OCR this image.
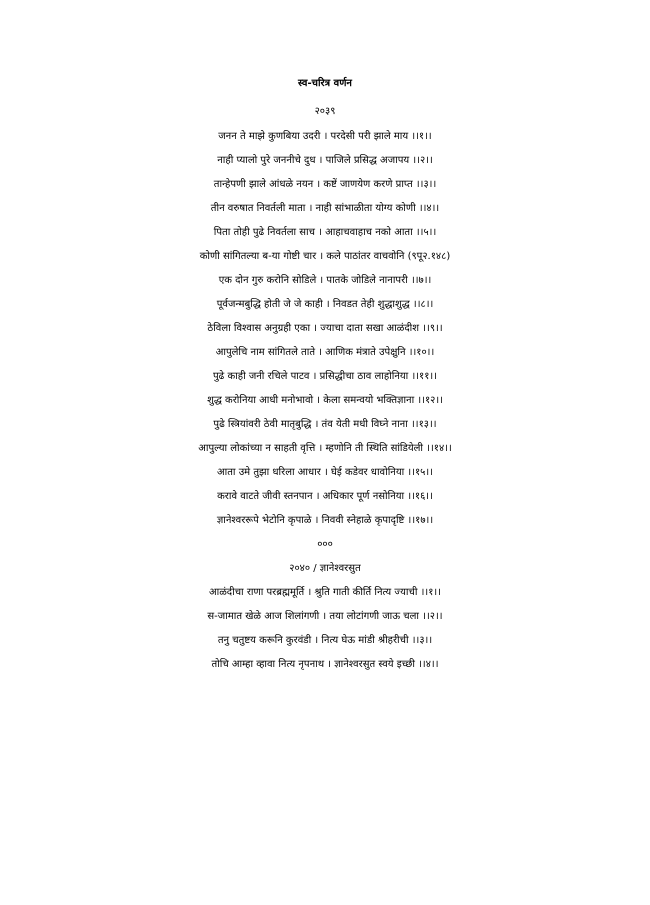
स्व-चरित्र वर्णन
२०३९
जनन ते माझे कुणबिया उदरी । परदेसी परी झाले माय ।।१।।
नाही प्यालो पुरे जननीचे दुध । पाजिले प्रसिद्ध अजापय ।।२।।
तान्हेपणी झाले आंधळे नयन । कष्टें जाणयेण करणे प्राप्त ।।३।।
तीन वरुषात निवर्तली माता । नाही सांभाळीता योग्य कोणी ।।४।।
पिता तोही पुढे निवर्तला साच । आहाचवाहाच नको आता ।।५।।
कोणी सांगितल्या ब-या गोष्टी चार । कले पाठांतर वाचवोनि (९पू२.१४८)
एक दोन गुरु करोनि सोडिले । पातके जोडिले नानापरी ।।७।।
पूर्वजन्मबुद्धि होती जे जे काही । निवडत तेही शुद्धाशुद्ध ।।८।।
ठेविला विश्वास अनुग्रही एका । ज्याचा दाता सखा आळंदीश ।।९।।
आपुलेचि नाम सांगितले ताते । आणिक मंत्राते उपेक्षुनि ।।१०।।
पुढे काही जनी रचिले पाटव । प्रसिद्धीचा ठाव लाहोनिया ।।११।।
शुद्ध करोनिया आधी मनोभावो । केला समन्वयो भक्तिज्ञाना ।।१२।।
पुढे स्त्रियांवरी ठेवी मातृबुद्धि । तंव येती मधी विघ्ने नाना ।।१३।।
आपुल्या लोकांच्या न साहती वृत्ति । म्हणोनि ती स्थिति सांडियेली ।।१४।।
आता उमे तुझा धरिला आधार । घेई कडेवर धावोनिया ।।१५।।
करावे वाटते जीवी स्तनपान । अधिकार पूर्ण नसोनिया ।।१६।।
ज्ञानेश्वररूपे भेटोनि कृपाळे । निववी स्नेहाळे कृपादृष्टि ।।१७।।
०००
२०४० / ज्ञानेश्वरसुत
आळंदीचा राणा परब्रह्ममूर्ति । श्रुति गाती कीर्ति नित्य ज्याची ।।१।।
स-जामात खेळे आज शिलांगणी । तया लोटांगणी जाऊ चला ।।२।।
तनु चतुष्टय करूनि कुरवंडी । नित्य घेऊ मांडी श्रीहरीची ।।३।।
तोचि आम्हा व्हावा नित्य नृपनाथ । ज्ञानेश्वरसुत स्वये इच्छी ।।४।।
